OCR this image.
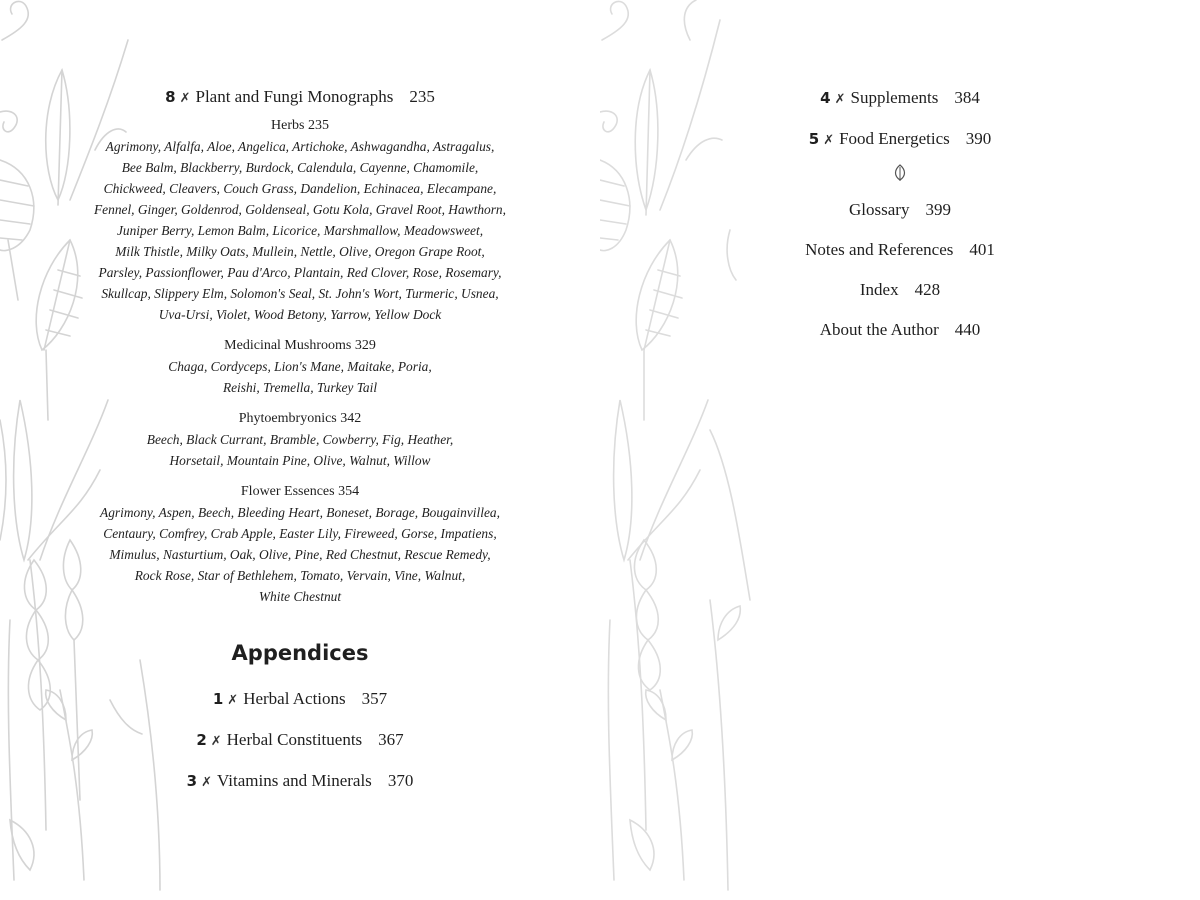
8 ✗ Plant and Fungi Monographs 235
Herbs 235
Agrimony, Alfalfa, Aloe, Angelica, Artichoke, Ashwagandha, Astragalus,
Bee Balm, Blackberry, Burdock, Calendula, Cayenne, Chamomile,
Chickweed, Cleavers, Couch Grass, Dandelion, Echinacea, Elecampane,
Fennel, Ginger, Goldenrod, Goldenseal, Gotu Kola, Gravel Root, Hawthorn,
Juniper Berry, Lemon Balm, Licorice, Marshmallow, Meadowsweet,
Milk Thistle, Milky Oats, Mullein, Nettle, Olive, Oregon Grape Root,
Parsley, Passionflower, Pau d'Arco, Plantain, Red Clover, Rose, Rosemary,
Skullcap, Slippery Elm, Solomon's Seal, St. John's Wort, Turmeric, Usnea,
Uva-Ursi, Violet, Wood Betony, Yarrow, Yellow Dock
Medicinal Mushrooms 329
Chaga, Cordyceps, Lion's Mane, Maitake, Poria,
Reishi, Tremella, Turkey Tail
Phytoembryonics 342
Beech, Black Currant, Bramble, Cowberry, Fig, Heather,
Horsetail, Mountain Pine, Olive, Walnut, Willow
Flower Essences 354
Agrimony, Aspen, Beech, Bleeding Heart, Boneset, Borage, Bougainvillea,
Centaury, Comfrey, Crab Apple, Easter Lily, Fireweed, Gorse, Impatiens,
Mimulus, Nasturtium, Oak, Olive, Pine, Red Chestnut, Rescue Remedy,
Rock Rose, Star of Bethlehem, Tomato, Vervain, Vine, Walnut,
White Chestnut
Appendices
1 ✗ Herbal Actions 357
2 ✗ Herbal Constituents 367
3 ✗ Vitamins and Minerals 370
4 ✗ Supplements 384
5 ✗ Food Energetics 390
Glossary 399
Notes and References 401
Index 428
About the Author 440
